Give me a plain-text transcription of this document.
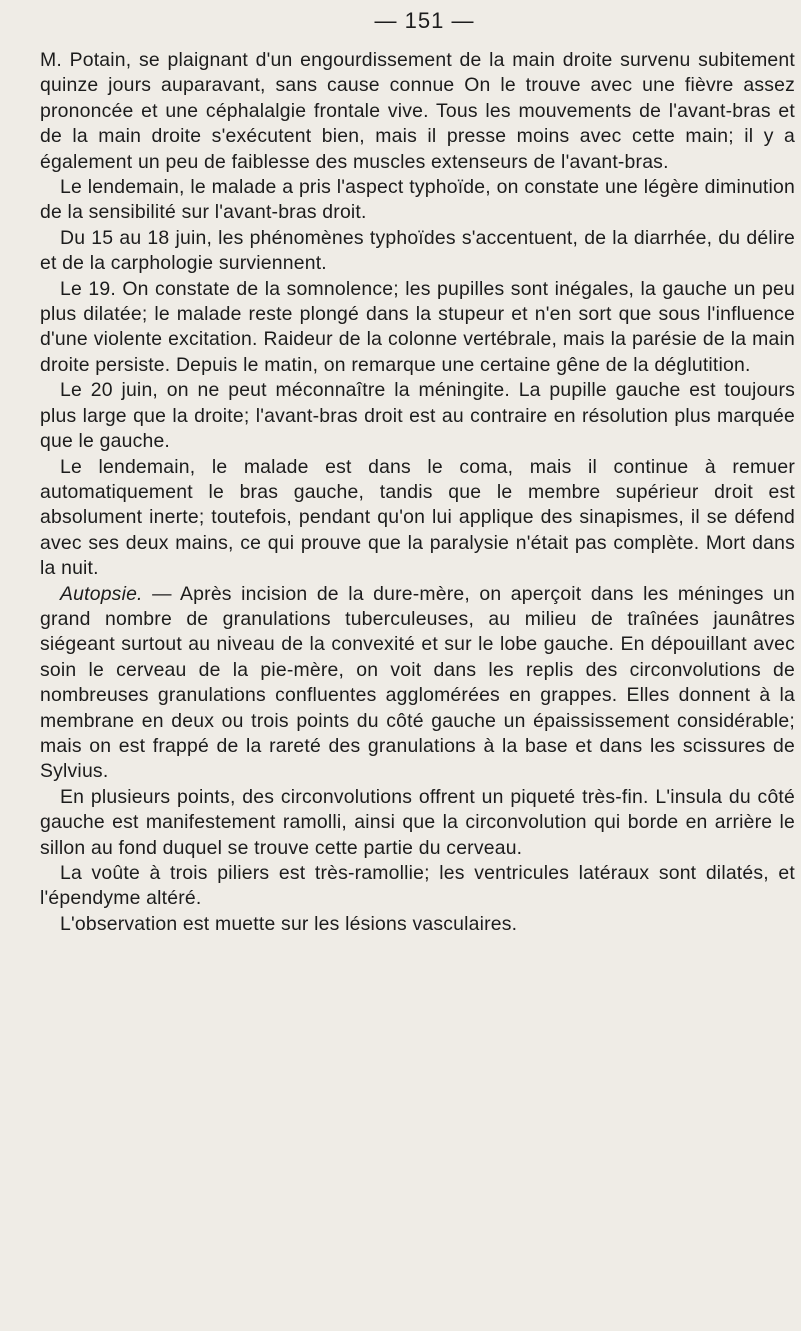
— 151 —

M. Potain, se plaignant d'un engourdissement de la main droite survenu subitement quinze jours auparavant, sans cause connue On le trouve avec une fièvre assez prononcée et une céphalalgie frontale vive. Tous les mouvements de l'avant-bras et de la main droite s'exécutent bien, mais il presse moins avec cette main; il y a également un peu de faiblesse des muscles extenseurs de l'avant-bras.

Le lendemain, le malade a pris l'aspect typhoïde, on constate une légère diminution de la sensibilité sur l'avant-bras droit.

Du 15 au 18 juin, les phénomènes typhoïdes s'accentuent, de la diarrhée, du délire et de la carphologie surviennent.

Le 19. On constate de la somnolence; les pupilles sont inégales, la gauche un peu plus dilatée; le malade reste plongé dans la stupeur et n'en sort que sous l'influence d'une violente excitation. Raideur de la colonne vertébrale, mais la parésie de la main droite persiste. Depuis le matin, on remarque une certaine gêne de la déglutition.

Le 20 juin, on ne peut méconnaître la méningite. La pupille gauche est toujours plus large que la droite; l'avant-bras droit est au contraire en résolution plus marquée que le gauche.

Le lendemain, le malade est dans le coma, mais il continue à remuer automatiquement le bras gauche, tandis que le membre supérieur droit est absolument inerte; toutefois, pendant qu'on lui applique des sinapismes, il se défend avec ses deux mains, ce qui prouve que la paralysie n'était pas complète. Mort dans la nuit.

Autopsie. — Après incision de la dure-mère, on aperçoit dans les méninges un grand nombre de granulations tuberculeuses, au milieu de traînées jaunâtres siégeant surtout au niveau de la convexité et sur le lobe gauche. En dépouillant avec soin le cerveau de la pie-mère, on voit dans les replis des circonvolutions de nombreuses granulations confluentes agglomérées en grappes. Elles donnent à la membrane en deux ou trois points du côté gauche un épaississement considérable; mais on est frappé de la rareté des granulations à la base et dans les scissures de Sylvius.

En plusieurs points, des circonvolutions offrent un piqueté très-fin. L'insula du côté gauche est manifestement ramolli, ainsi que la circonvolution qui borde en arrière le sillon au fond duquel se trouve cette partie du cerveau.

La voûte à trois piliers est très-ramollie; les ventricules latéraux sont dilatés, et l'épendyme altéré.

L'observation est muette sur les lésions vasculaires.
